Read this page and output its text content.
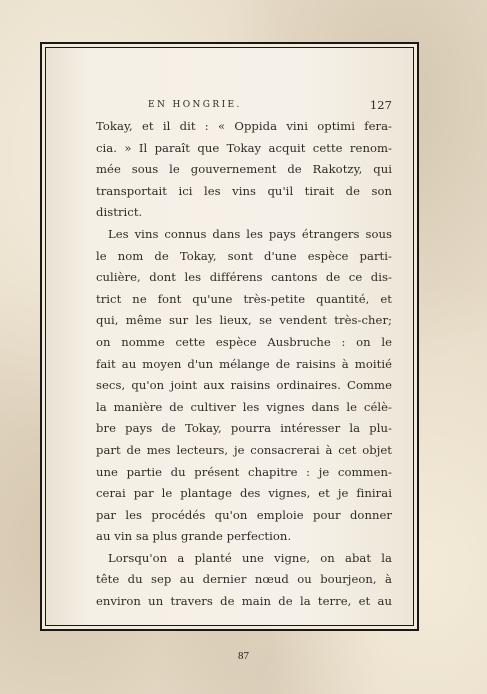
EN HONGRIE.	127
Tokay, et il dit : « Oppida vini optimi fera-
cia. » Il paraît que Tokay acquit cette renom-
mée sous le gouvernement de Rakotzy, qui
transportait ici les vins qu'il tirait de son
district.
Les vins connus dans les pays étrangers sous
le nom de Tokay, sont d'une espèce parti-
culière, dont les différens cantons de ce dis-
trict ne font qu'une très-petite quantité, et
qui, même sur les lieux, se vendent très-cher;
on nomme cette espèce Ausbruche : on le
fait au moyen d'un mélange de raisins à moitié
secs, qu'on joint aux raisins ordinaires. Comme
la manière de cultiver les vignes dans le célè-
bre pays de Tokay, pourra intéresser la plu-
part de mes lecteurs, je consacrerai à cet objet
une partie du présent chapitre : je commen-
cerai par le plantage des vignes, et je finirai
par les procédés qu'on emploie pour donner
au vin sa plus grande perfection.
Lorsqu'on a planté une vigne, on abat la
tête du sep au dernier nœud ou bourjeon, à
environ un travers de main de la terre, et au
87
